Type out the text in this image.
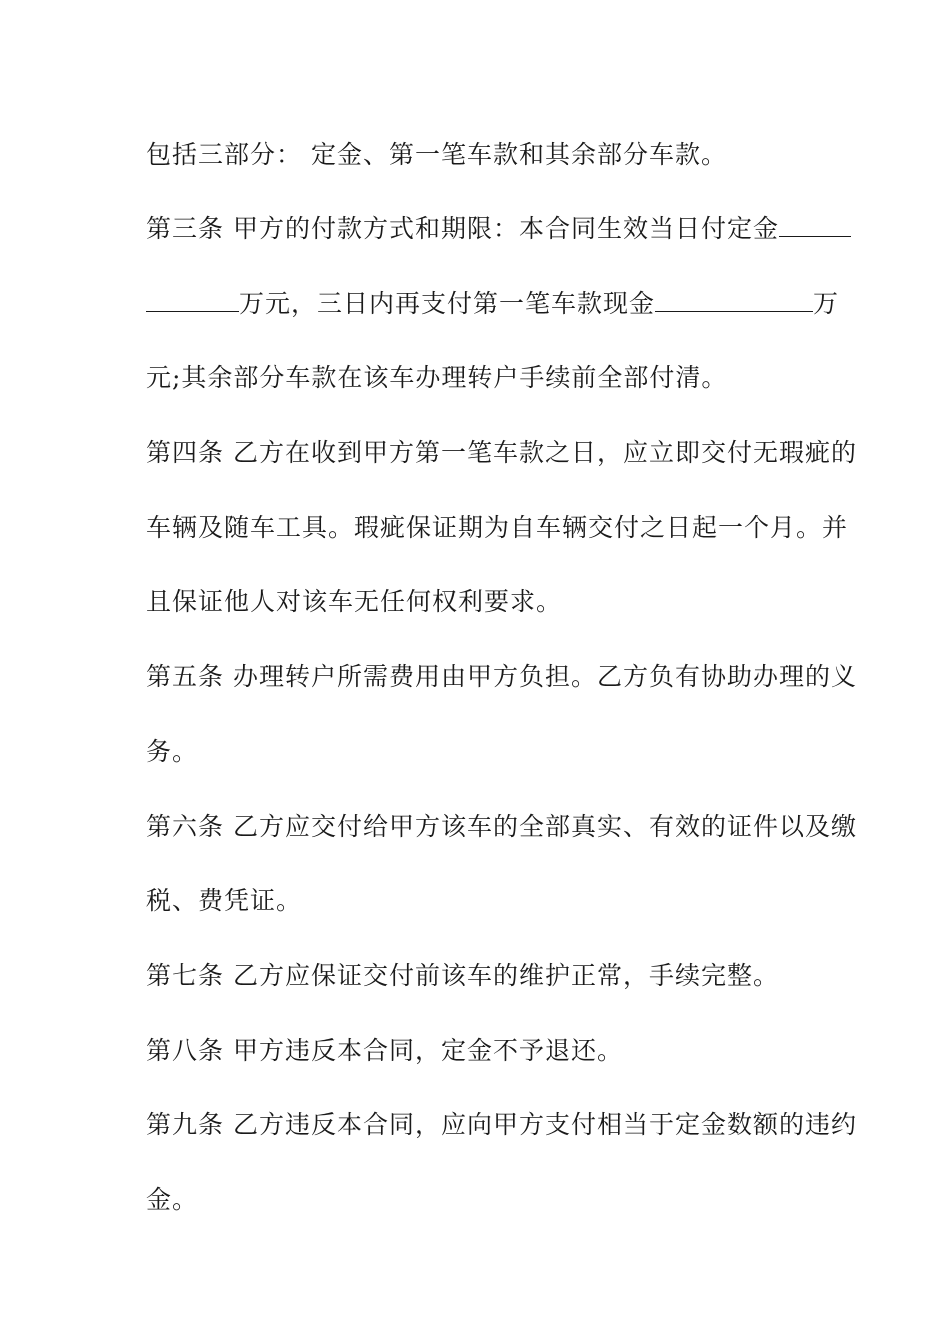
包括三部分： 定金、第一笔车款和其余部分车款。
第三条 甲方的付款方式和期限：本合同生效当日付定金
万元，三日内再支付第一笔车款现金	万
元;其余部分车款在该车办理转户手续前全部付清。
第四条 乙方在收到甲方第一笔车款之日，应立即交付无瑕疵的
车辆及随车工具。瑕疵保证期为自车辆交付之日起一个月。并
且保证他人对该车无任何权利要求。
第五条 办理转户所需费用由甲方负担。乙方负有协助办理的义
务。
第六条 乙方应交付给甲方该车的全部真实、有效的证件以及缴
税、费凭证。
第七条 乙方应保证交付前该车的维护正常，手续完整。
第八条 甲方违反本合同，定金不予退还。
第九条 乙方违反本合同，应向甲方支付相当于定金数额的违约
金。
